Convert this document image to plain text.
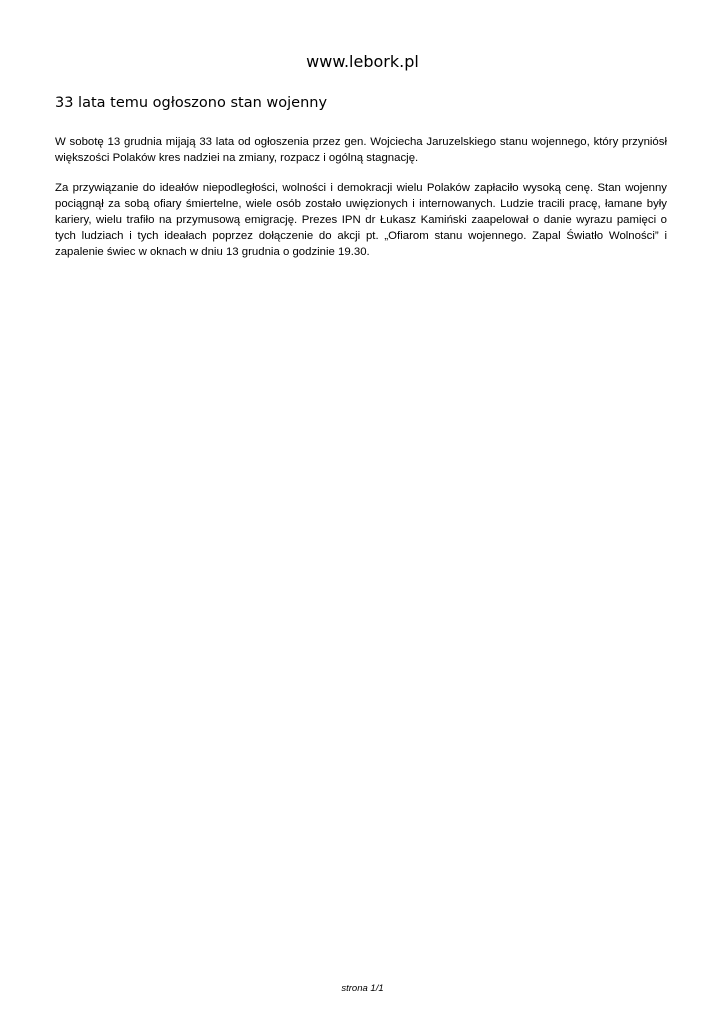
www.lebork.pl
33 lata temu ogłoszono stan wojenny

W sobotę 13 grudnia mijają 33 lata od ogłoszenia przez gen. Wojciecha Jaruzelskiego stanu wojennego, który przyniósł większości Polaków kres nadziei na zmiany, rozpacz i ogólną stagnację.

Za przywiązanie do ideałów niepodległości, wolności i demokracji wielu Polaków zapłaciło wysoką cenę. Stan wojenny pociągnął za sobą ofiary śmiertelne, wiele osób zostało uwięzionych i internowanych. Ludzie tracili pracę, łamane były kariery, wielu trafiło na przymusową emigrację. Prezes IPN dr Łukasz Kamiński zaapelował o danie wyrazu pamięci o tych ludziach i tych ideałach poprzez dołączenie do akcji pt. „Ofiarom stanu wojennego. Zapal Światło Wolności” i zapalenie świec w oknach w dniu 13 grudnia o godzinie 19.30.

strona 1/1
